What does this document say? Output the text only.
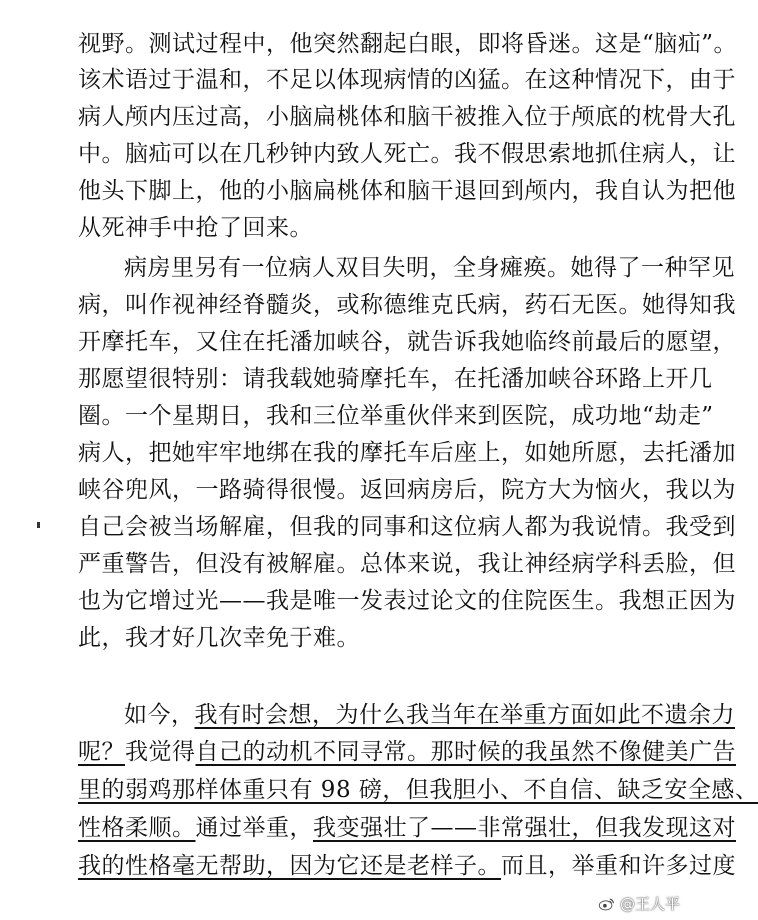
视野。测试过程中，他突然翻起白眼，即将昏迷。这是“脑疝”。
该术语过于温和，不足以体现病情的凶猛。在这种情况下，由于
病人颅内压过高，小脑扁桃体和脑干被推入位于颅底的枕骨大孔
中。脑疝可以在几秒钟内致人死亡。我不假思索地抓住病人，让
他头下脚上，他的小脑扁桃体和脑干退回到颅内，我自认为把他
从死神手中抢了回来。
病房里另有一位病人双目失明，全身瘫痪。她得了一种罕见
病，叫作视神经脊髓炎，或称德维克氏病，药石无医。她得知我
开摩托车，又住在托潘加峡谷，就告诉我她临终前最后的愿望，
那愿望很特别：请我载她骑摩托车，在托潘加峡谷环路上开几
圈。一个星期日，我和三位举重伙伴来到医院，成功地“劫走”
病人，把她牢牢地绑在我的摩托车后座上，如她所愿，去托潘加
峡谷兜风，一路骑得很慢。返回病房后，院方大为恼火，我以为
自己会被当场解雇，但我的同事和这位病人都为我说情。我受到
严重警告，但没有被解雇。总体来说，我让神经病学科丢脸，但
也为它增过光——我是唯一发表过论文的住院医生。我想正因为
此，我才好几次幸免于难。
如今，我有时会想，为什么我当年在举重方面如此不遗余力
呢？我觉得自己的动机不同寻常。那时候的我虽然不像健美广告
里的弱鸡那样体重只有 98 磅，但我胆小、不自信、缺乏安全感、
性格柔顺。通过举重，我变强壮了——非常强壮，但我发现这对
我的性格毫无帮助，因为它还是老样子。而且，举重和许多过度
@王人平
